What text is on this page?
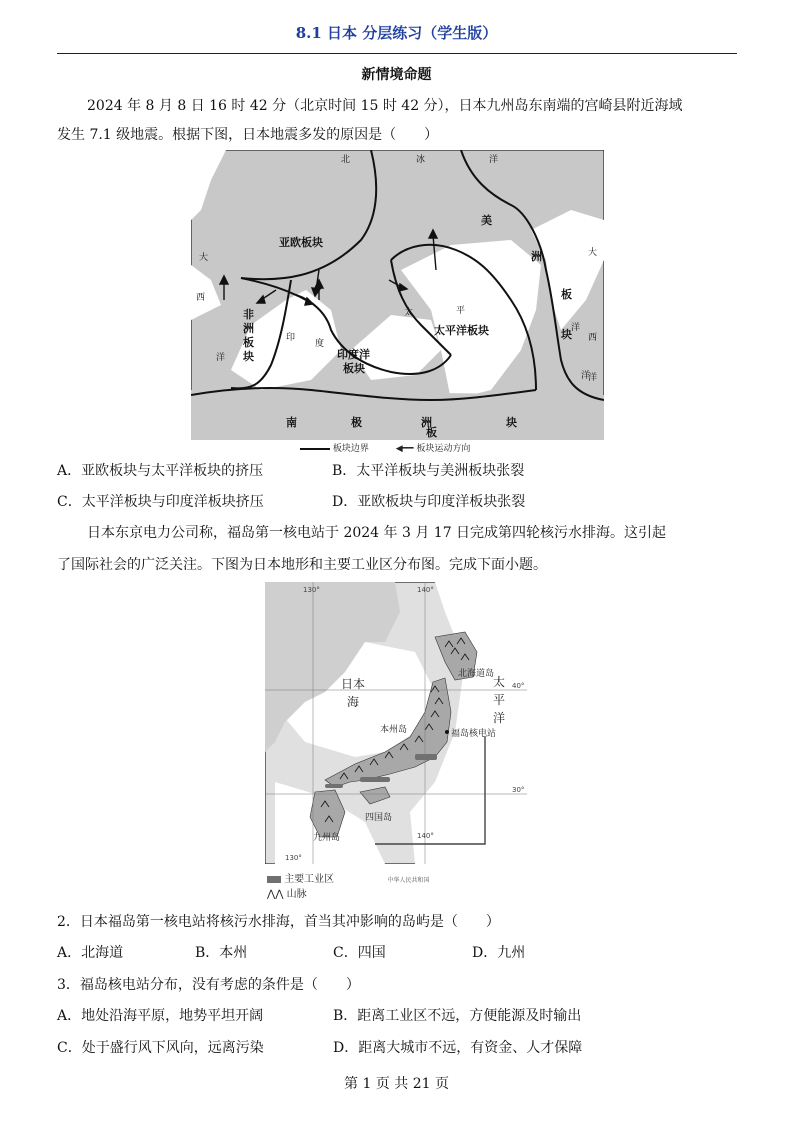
8.1 日本 分层练习（学生版）
新情境命题
2024 年 8 月 8 日 16 时 42 分（北京时间 15 时 42 分），日本九州岛东南端的宫崎县附近海域
发生 7.1 级地震。根据下图，日本地震多发的原因是（　　）
北	冰	洋
大
西
洋
大
西
洋
印
度
太	平
洋
洋
美
洲
板
块
亚欧板块
非
洲
板
块	印度洋
板块
太平洋板块
南	极	洲
板
块
板块边界	◀━━ 板块运动方向
A．亚欧板块与太平洋板块的挤压	B．太平洋板块与美洲板块张裂
C．太平洋板块与印度洋板块挤压	D．亚欧板块与印度洋板块张裂
日本东京电力公司称，福岛第一核电站于 2024 年 3 月 17 日完成第四轮核污水排海。这引起
了国际社会的广泛关注。下图为日本地形和主要工业区分布图。完成下面小题。
130°	140°
40°
30°
130°
140°
日本
海
太
平
洋
北海道岛
本州岛	福岛核电站
四国岛
九州岛
主要工业区	中华人民共和国
⋀⋀ 山脉
2．日本福岛第一核电站将核污水排海，首当其冲影响的岛屿是（　　）
A．北海道	B．本州	C．四国	D．九州
3．福岛核电站分布，没有考虑的条件是（　　）
A．地处沿海平原，地势平坦开阔	B．距离工业区不远，方便能源及时输出
C．处于盛行风下风向，远离污染	D．距离大城市不远，有资金、人才保障
第 1 页 共 21 页
